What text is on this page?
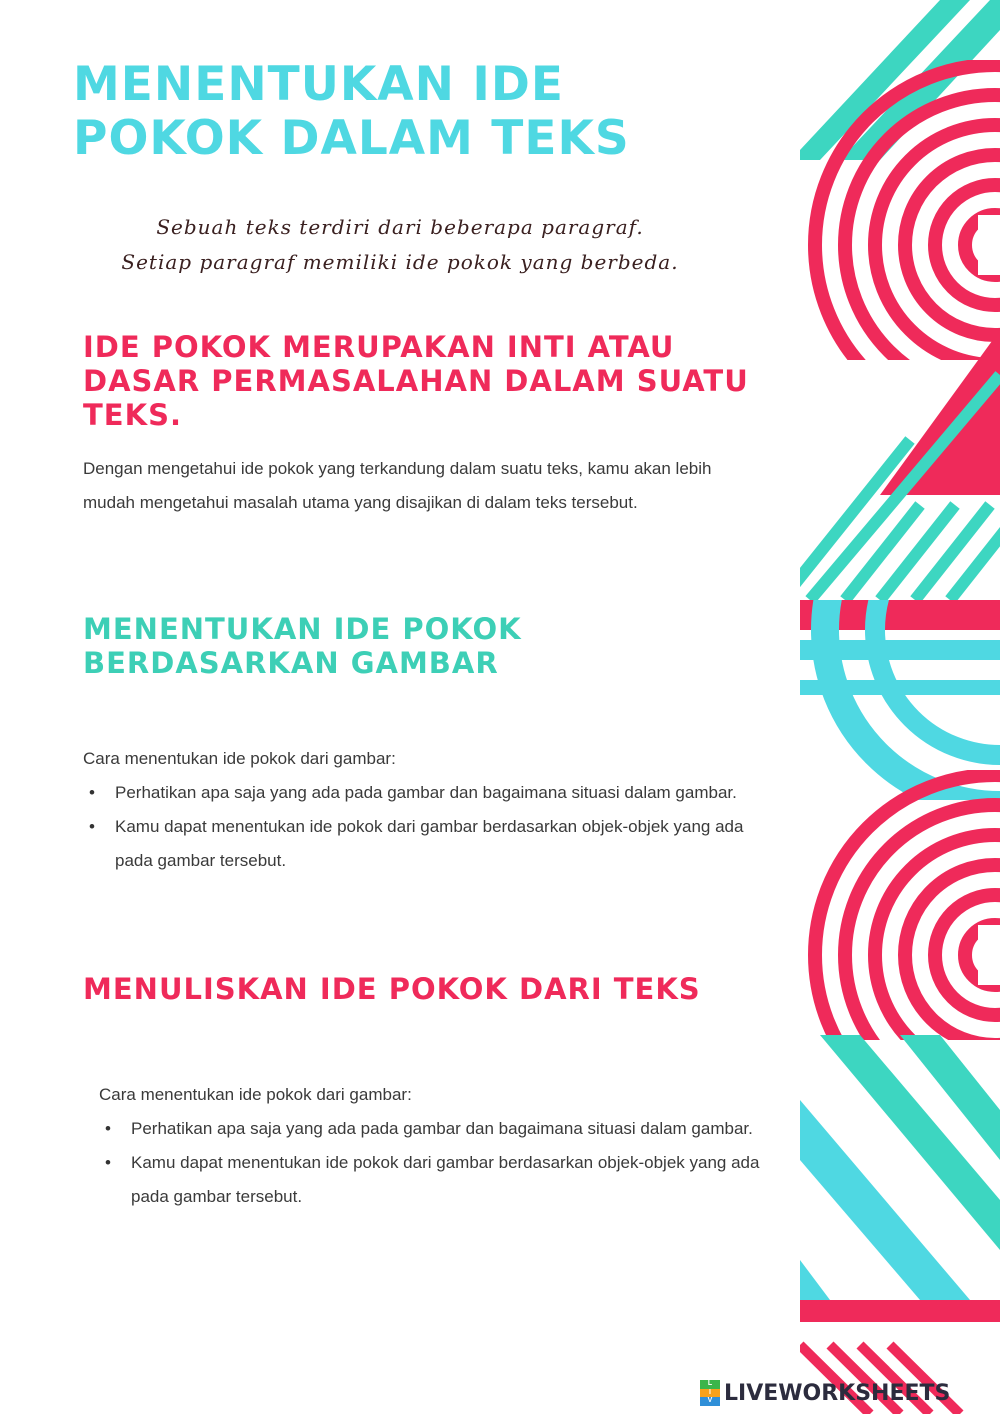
MENENTUKAN IDE
POKOK DALAM TEKS
Sebuah teks terdiri dari beberapa paragraf.
Setiap paragraf memiliki ide pokok yang berbeda.
IDE POKOK MERUPAKAN INTI ATAU DASAR PERMASALAHAN DALAM SUATU TEKS.

Dengan mengetahui ide pokok yang terkandung dalam suatu teks, kamu akan lebih mudah mengetahui masalah utama yang disajikan di dalam teks tersebut.

MENENTUKAN IDE POKOK
BERDASARKAN GAMBAR

Cara menentukan ide pokok dari gambar:

• Perhatikan apa saja yang ada pada gambar dan bagaimana situasi dalam gambar.
• Kamu dapat menentukan ide pokok dari gambar berdasarkan objek-objek yang ada pada gambar tersebut.
MENULISKAN IDE POKOK DARI TEKS

Cara menentukan ide pokok dari gambar:

• Perhatikan apa saja yang ada pada gambar dan bagaimana situasi dalam gambar.
• Kamu dapat menentukan ide pokok dari gambar berdasarkan objek-objek yang ada pada gambar tersebut.
L
I
V LIVEWORKSHEETS
